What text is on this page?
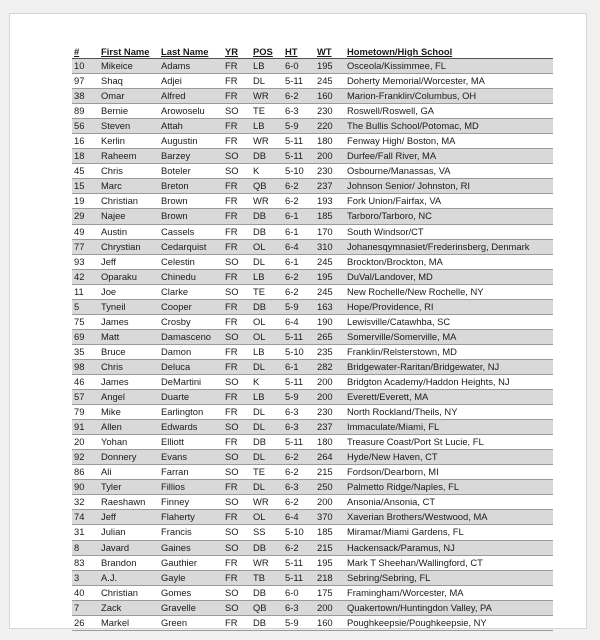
#	First Name	Last Name	YR	POS	HT	WT	Hometown/High School
10	Mikeice	Adams	FR	LB	6-0	195	Osceola/Kissimmee, FL
97	Shaq	Adjei	FR	DL	5-11	245	Doherty Memorial/Worcester, MA
38	Omar	Alfred	FR	WR	6-2	160	Marion-Franklin/Columbus, OH
89	Bernie	Arowoselu	SO	TE	6-3	230	Roswell/Roswell, GA
56	Steven	Attah	FR	LB	5-9	220	The Bullis School/Potomac, MD
16	Kerlin	Augustin	FR	WR	5-11	180	Fenway High/ Boston, MA
18	Raheem	Barzey	SO	DB	5-11	200	Durfee/Fall River, MA
45	Chris	Boteler	SO	K	5-10	230	Osbourne/Manassas, VA
15	Marc	Breton	FR	QB	6-2	237	Johnson Senior/ Johnston, RI
19	Christian	Brown	FR	WR	6-2	193	Fork Union/Fairfax, VA
29	Najee	Brown	FR	DB	6-1	185	Tarboro/Tarboro, NC
49	Austin	Cassels	FR	DB	6-1	170	South Windsor/CT
77	Chrystian	Cedarquist	FR	OL	6-4	310	Johanesqymnasiet/Frederinsberg, Denmark
93	Jeff	Celestin	SO	DL	6-1	245	Brockton/Brockton, MA
42	Oparaku	Chinedu	FR	LB	6-2	195	DuVal/Landover, MD
11	Joe	Clarke	SO	TE	6-2	245	New Rochelle/New Rochelle, NY
5	Tyneil	Cooper	FR	DB	5-9	163	Hope/Providence, RI
75	James	Crosby	FR	OL	6-4	190	Lewisville/Catawhba, SC
69	Matt	Damasceno	SO	OL	5-11	265	Somerville/Somerville, MA
35	Bruce	Damon	FR	LB	5-10	235	Franklin/Relsterstown, MD
98	Chris	Deluca	FR	DL	6-1	282	Bridgewater-Raritan/Bridgewater, NJ
46	James	DeMartini	SO	K	5-11	200	Bridgton Academy/Haddon Heights, NJ
57	Angel	Duarte	FR	LB	5-9	200	Everett/Everett, MA
79	Mike	Earlington	FR	DL	6-3	230	North Rockland/Theils, NY
91	Allen	Edwards	SO	DL	6-3	237	Immaculate/Miami, FL
20	Yohan	Elliott	FR	DB	5-11	180	Treasure Coast/Port St Lucie, FL
92	Donnery	Evans	SO	DL	6-2	264	Hyde/New Haven, CT
86	Ali	Farran	SO	TE	6-2	215	Fordson/Dearborn, MI
90	Tyler	Fillios	FR	DL	6-3	250	Palmetto Ridge/Naples, FL
32	Raeshawn	Finney	SO	WR	6-2	200	Ansonia/Ansonia, CT
74	Jeff	Flaherty	FR	OL	6-4	370	Xaverian Brothers/Westwood, MA
31	Julian	Francis	SO	SS	5-10	185	Miramar/Miami Gardens, FL
8	Javard	Gaines	SO	DB	6-2	215	Hackensack/Paramus, NJ
83	Brandon	Gauthier	FR	WR	5-11	195	Mark T Sheehan/Wallingford, CT
3	A.J.	Gayle	FR	TB	5-11	218	Sebring/Sebring, FL
40	Christian	Gomes	SO	DB	6-0	175	Framingham/Worcester, MA
7	Zack	Gravelle	SO	QB	6-3	200	Quakertown/Huntingdon Valley, PA
26	Markel	Green	FR	DB	5-9	160	Poughkeepsie/Poughkeepsie, NY
